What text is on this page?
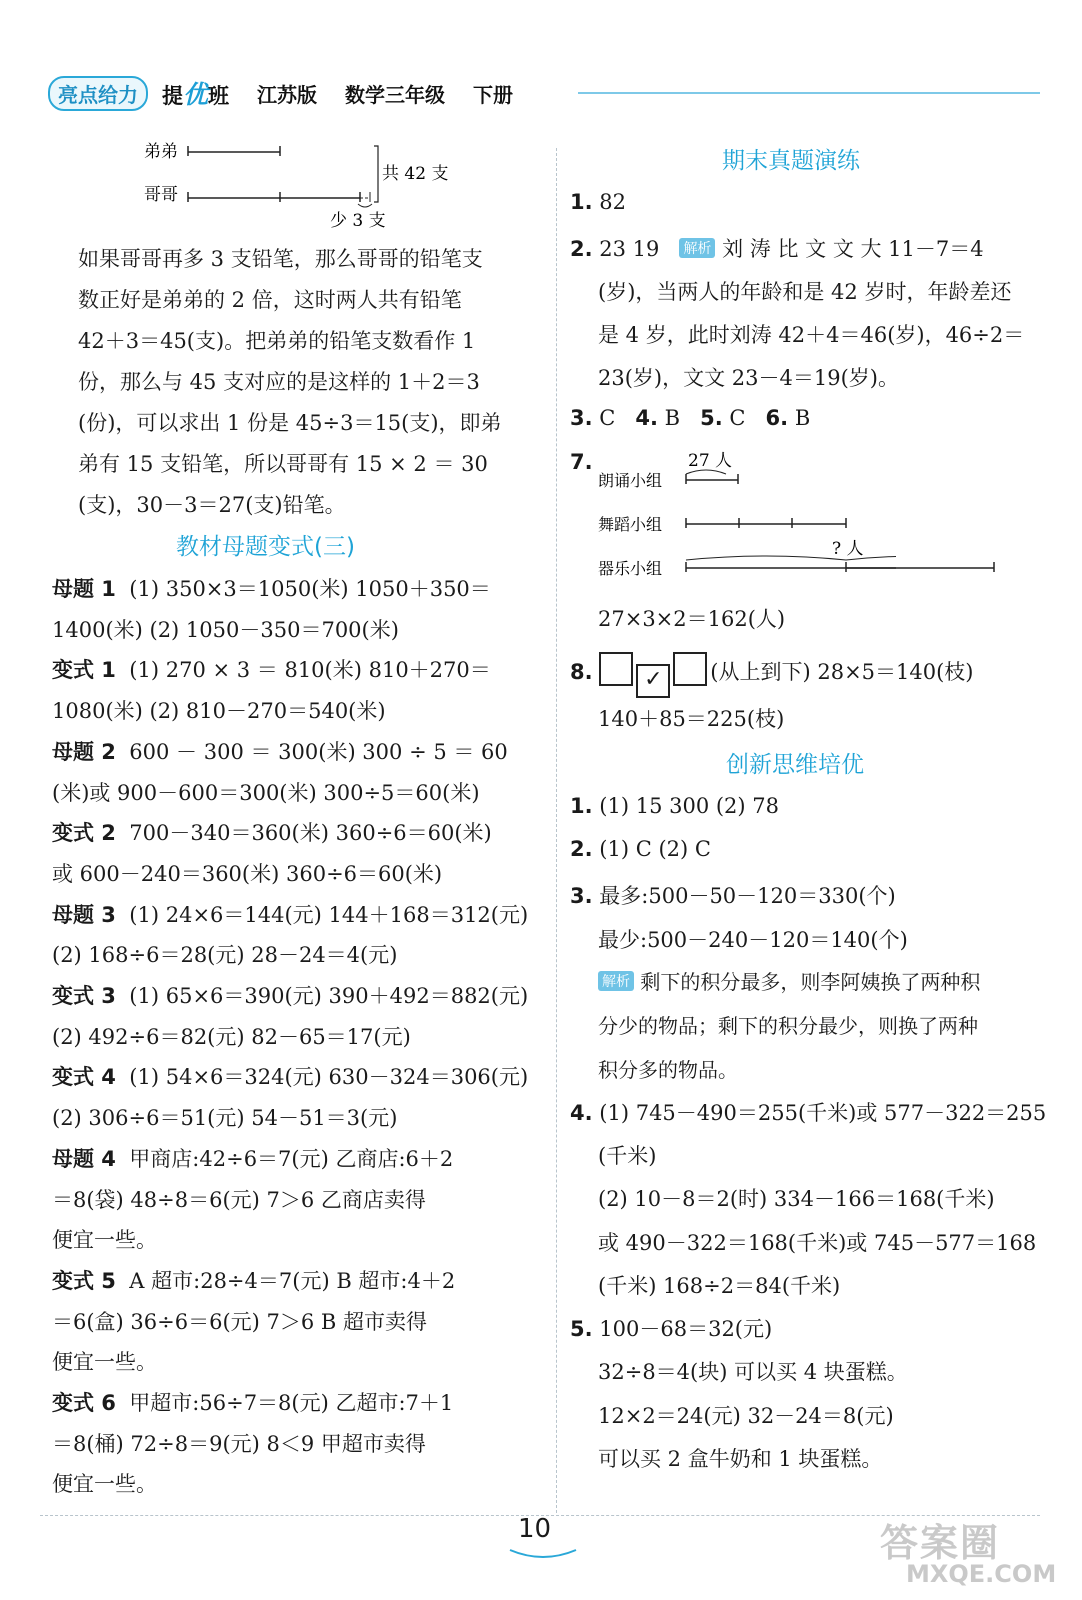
亮点给力	提优班 江苏版 数学三年级 下册
弟弟
哥哥
共 42 支
少 3 支
如果哥哥再多 3 支铅笔，那么哥哥的铅笔支
数正好是弟弟的 2 倍，这时两人共有铅笔
42＋3＝45(支)。把弟弟的铅笔支数看作 1
份，那么与 45 支对应的是这样的 1＋2＝3
(份)，可以求出 1 份是 45÷3＝15(支)，即弟
弟有 15 支铅笔，所以哥哥有 15 × 2 ＝ 30
(支)，30－3＝27(支)铅笔。
教材母题变式(三)
母题 1 (1) 350×3＝1050(米) 1050＋350＝
1400(米) (2) 1050－350＝700(米)
变式 1 (1) 270 × 3 ＝ 810(米) 810＋270＝
1080(米) (2) 810－270＝540(米)
母题 2 600 － 300 ＝ 300(米) 300 ÷ 5 ＝ 60
(米)或 900－600＝300(米) 300÷5＝60(米)
变式 2 700－340＝360(米) 360÷6＝60(米)
或 600－240＝360(米) 360÷6＝60(米)
母题 3 (1) 24×6＝144(元) 144＋168＝312(元)
(2) 168÷6＝28(元) 28－24＝4(元)
变式 3 (1) 65×6＝390(元) 390＋492＝882(元)
(2) 492÷6＝82(元) 82－65＝17(元)
变式 4 (1) 54×6＝324(元) 630－324＝306(元)
(2) 306÷6＝51(元) 54－51＝3(元)
母题 4 甲商店:42÷6＝7(元) 乙商店:6＋2
＝8(袋) 48÷8＝6(元) 7＞6 乙商店卖得
便宜一些。
变式 5 A 超市:28÷4＝7(元) B 超市:4＋2
＝6(盒) 36÷6＝6(元) 7＞6 B 超市卖得
便宜一些。
变式 6 甲超市:56÷7＝8(元) 乙超市:7＋1
＝8(桶) 72÷8＝9(元) 8＜9 甲超市卖得
便宜一些。
期末真题演练
1. 82
2. 23 19 解析 刘 涛 比 文 文 大 11－7＝4
(岁)，当两人的年龄和是 42 岁时，年龄差还
是 4 岁，此时刘涛 42＋4＝46(岁)，46÷2＝
23(岁)，文文 23－4＝19(岁)。
3. C 4. B 5. C 6. B
7.	27 人
朗诵小组
舞蹈小组
? 人
器乐小组
27×3×2＝162(人)
8. ✓ (从上到下) 28×5＝140(枝)
140＋85＝225(枝)
创新思维培优
1. (1) 15 300 (2) 78
2. (1) C (2) C
3. 最多:500－50－120＝330(个)
最少:500－240－120＝140(个)
解析 剩下的积分最多，则李阿姨换了两种积
分少的物品；剩下的积分最少，则换了两种
积分多的物品。
4. (1) 745－490＝255(千米)或 577－322＝255
(千米)
(2) 10－8＝2(时) 334－166＝168(千米)
或 490－322＝168(千米)或 745－577＝168
(千米) 168÷2＝84(千米)
5. 100－68＝32(元)
32÷8＝4(块) 可以买 4 块蛋糕。
12×2＝24(元) 32－24＝8(元)
可以买 2 盒牛奶和 1 块蛋糕。
10	答案圈
MXQE.COM
